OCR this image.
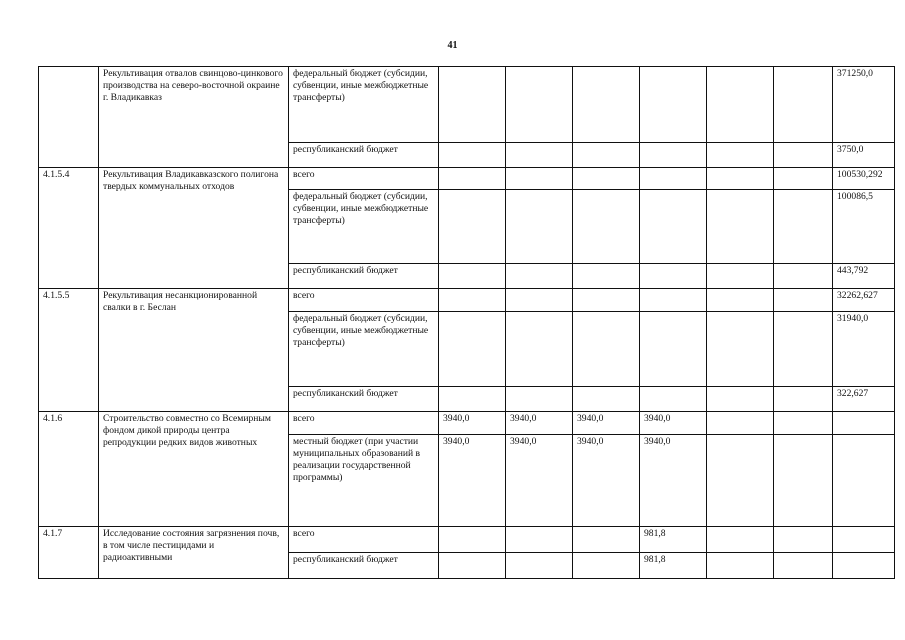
41
	Рекультивация отвалов свинцово-цинкового производства на северо-восточной окраине г. Владикавказ	федеральный бюджет (субсидии, субвенции, иные межбюджетные трансферты)							371250,0
		республиканский бюджет							3750,0
4.1.5.4	Рекультивация Владикавказского полигона твердых коммунальных отходов	всего							100530,292
		федеральный бюджет (субсидии, субвенции, иные межбюджетные трансферты)							100086,5
		республиканский бюджет							443,792
4.1.5.5	Рекультивация несанкционированной свалки в г. Беслан	всего							32262,627
		федеральный бюджет (субсидии, субвенции, иные межбюджетные трансферты)							31940,0
		республиканский бюджет							322,627
4.1.6	Строительство совместно со Всемирным фондом дикой природы центра репродукции редких видов животных	всего	3940,0	3940,0	3940,0	3940,0			
		местный бюджет (при участии муниципальных образований в реализации государственной программы)	3940,0	3940,0	3940,0	3940,0			
4.1.7	Исследование состояния загрязнения почв, в том числе пестицидами и радиоактивными	всего				981,8			
		республиканский бюджет				981,8			
